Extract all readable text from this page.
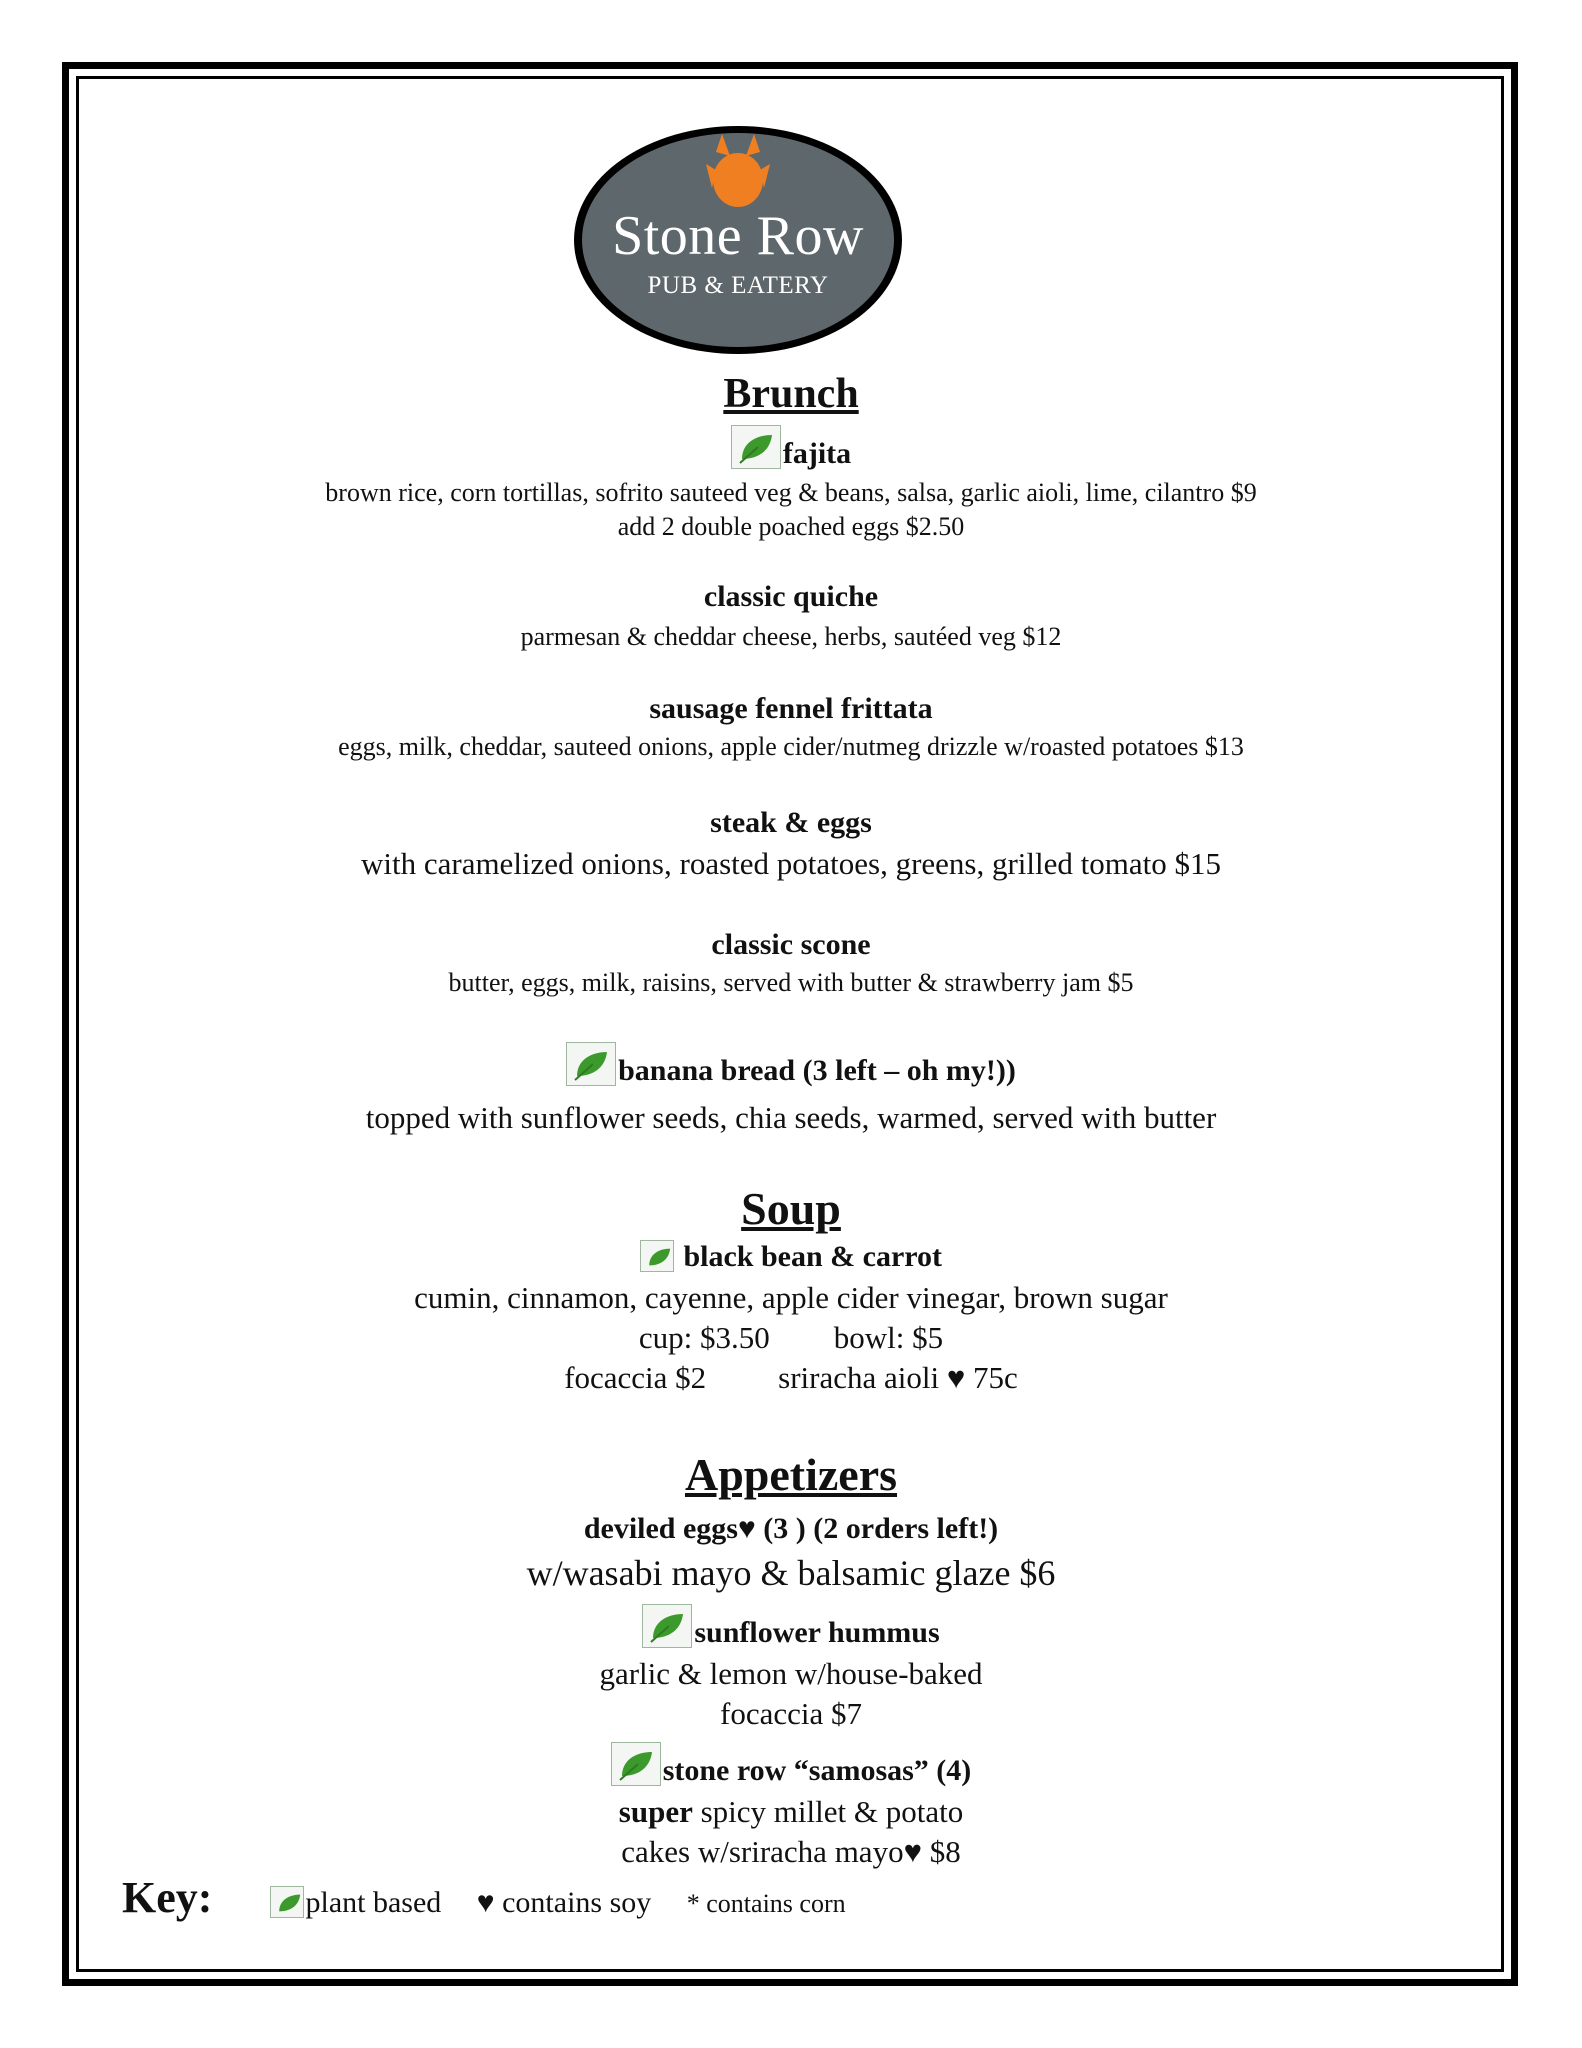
Stone Row
PUB & EATERY
Brunch
fajita
brown rice, corn tortillas, sofrito sauteed veg & beans, salsa, garlic aioli, lime, cilantro $9
add 2 double poached eggs $2.50
classic quiche
parmesan & cheddar cheese, herbs, sautéed veg $12
sausage fennel frittata
eggs, milk, cheddar, sauteed onions, apple cider/nutmeg drizzle w/roasted potatoes $13
steak & eggs
with caramelized onions, roasted potatoes, greens, grilled tomato $15
classic scone
butter, eggs, milk, raisins, served with butter & strawberry jam $5
banana bread (3 left – oh my!))
topped with sunflower seeds, chia seeds, warmed, served with butter
Soup
black bean & carrot
cumin, cinnamon, cayenne, apple cider vinegar, brown sugar
cup: $3.50 bowl: $5
focaccia $2 sriracha aioli ♥ 75c
Appetizers
deviled eggs♥ (3 ) (2 orders left!)
w/wasabi mayo & balsamic glaze $6
sunflower hummus
garlic & lemon w/house-baked
focaccia $7
stone row “samosas” (4)
super spicy millet & potato
cakes w/sriracha mayo♥ $8
Key:	plant based ♥ contains soy * contains corn
